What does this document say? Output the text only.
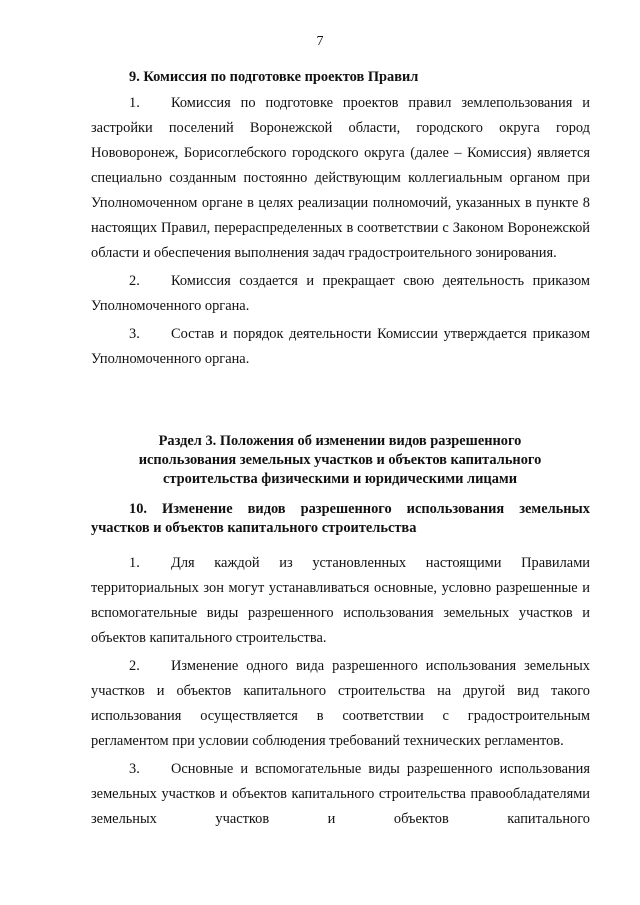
7

9. Комиссия по подготовке проектов Правил

1. Комиссия по подготовке проектов правил землепользования и застройки поселений Воронежской области, городского округа город Нововоронеж, Борисоглебского городского округа (далее – Комиссия) является специально созданным постоянно действующим коллегиальным органом при Уполномоченном органе в целях реализации полномочий, указанных в пункте 8 настоящих Правил, перераспределенных в соответствии с Законом Воронежской области и обеспечения выполнения задач градостроительного зонирования.

2. Комиссия создается и прекращает свою деятельность приказом Уполномоченного органа.

3. Состав и порядок деятельности Комиссии утверждается приказом Уполномоченного органа.

Раздел 3. Положения об изменении видов разрешенного использования земельных участков и объектов капитального строительства физическими и юридическими лицами

10. Изменение видов разрешенного использования земельных участков и объектов капитального строительства

1. Для каждой из установленных настоящими Правилами территориальных зон могут устанавливаться основные, условно разрешенные и вспомогательные виды разрешенного использования земельных участков и объектов капитального строительства.

2. Изменение одного вида разрешенного использования земельных участков и объектов капитального строительства на другой вид такого использования осуществляется в соответствии с градостроительным регламентом при условии соблюдения требований технических регламентов.

3. Основные и вспомогательные виды разрешенного использования земельных участков и объектов капитального строительства правообладателями земельных участков и объектов капитального
